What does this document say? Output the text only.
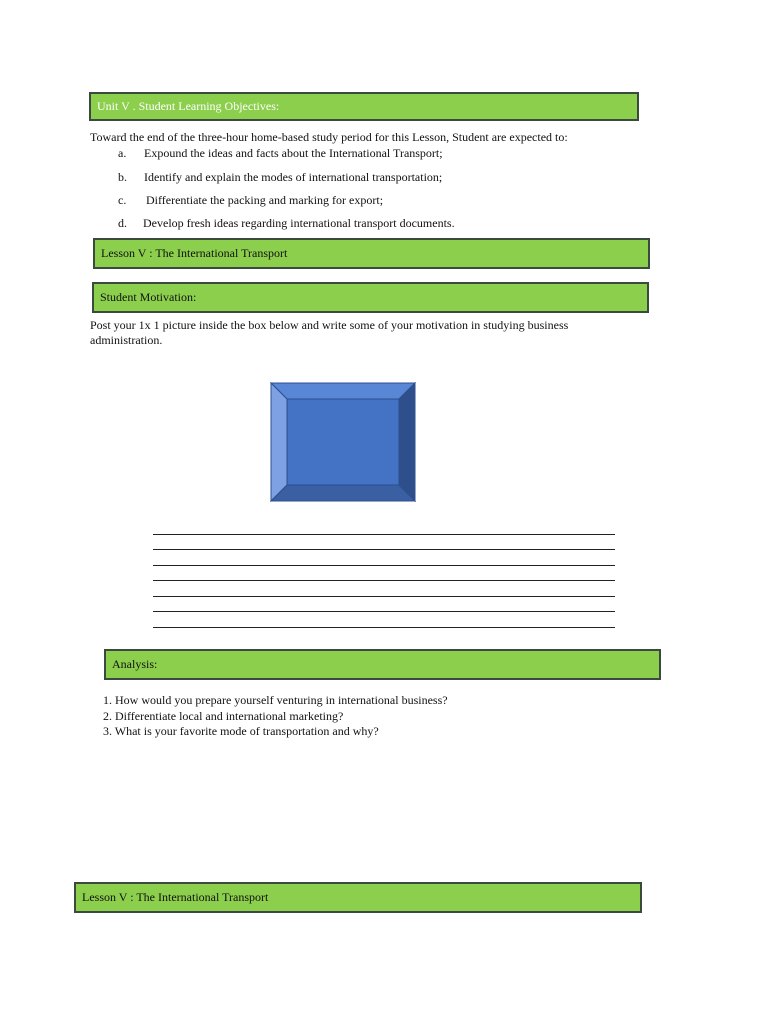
Unit V . Student Learning Objectives:
Toward the end of the three-hour home-based study period for this Lesson, Student are expected to:
a. Expound the ideas and facts about the International Transport;
b. Identify and explain the modes of international transportation;
c. Differentiate the packing and marking for export;
d. Develop fresh ideas regarding international transport documents.
Lesson V : The International Transport
Student Motivation:
Post your 1x 1 picture inside the box below and write some of your motivation in studying business
administration.
Analysis:
1. How would you prepare yourself venturing in international business?
2. Differentiate local and international marketing?
3. What is your favorite mode of transportation and why?
Lesson V : The International Transport
